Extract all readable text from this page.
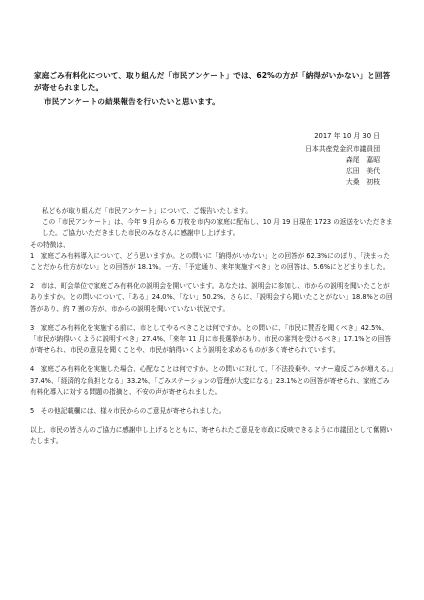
家庭ごみ有料化について、取り組んだ「市民アンケート」では、62%の方が「納得がいかない」と回答が寄せられました。
市民アンケートの結果報告を行いたいと思います。
2017 年 10 月 30 日
日本共産党金沢市議員団
森尾　嘉昭
広田　美代
大桑　初枝

私どもが取り組んだ「市民アンケート」について、ご報告いたします。

この「市民アンケート」は、今年 9 月から 6 万枚を市内の家庭に配布し、10 月 19 日現在 1723 の返送をいただきました。ご協力いただきました市民のみなさんに感謝申し上げます。

その特徴は、

1　家庭ごみ有料導入について、どう思いますか。との問いに「納得がいかない」との回答が 62.3%にのぼり、「決まったことだから仕方がない」との回答が 18.1%。一方、「予定通り、来年実施すべき」との回答は、5.6%にとどまりました。

2　市は、町会単位で家庭ごみ有料化の説明会を開いています。あなたは、説明会に参加し、市からの説明を聞いたことがありますか。との問いについて、「ある」24.0%、「ない」50.2%、さらに、「説明会すら聞いたことがない」18.8%との回答があり、約 7 割の方が、市からの説明を聞いていない状況です。

3　家庭ごみ有料化を実施する前に、市としてやるべきことは何ですか。との問いに、「市民に賛否を聞くべき」42.5%、「市民が納得いくように説明すべき」27.4%、「来年 11 月に市長選挙があり、市民の審判を受けるべき」17.1%との回答が寄せられ、市民の意見を聞くことや、市民が納得いくよう説明を求めるものが多く寄せられています。

4　家庭ごみ有料化を実施した場合、心配なことは何ですか。との問いに対して、「不法投棄や、マナー違反ごみが増える。」37.4%、「経済的な負担となる」33.2%、「ごみステーションの管理が大変になる」23.1%との回答が寄せられ、家庭ごみ有料化導入に対する問題の指摘と、不安の声が寄せられました。

5　その他記載欄には、様々市民からのご意見が寄せられました。

以上、市民の皆さんのご協力に感謝申し上げるとともに、寄せられたご意見を市政に反映できるように市議団として奮闘いたします。
